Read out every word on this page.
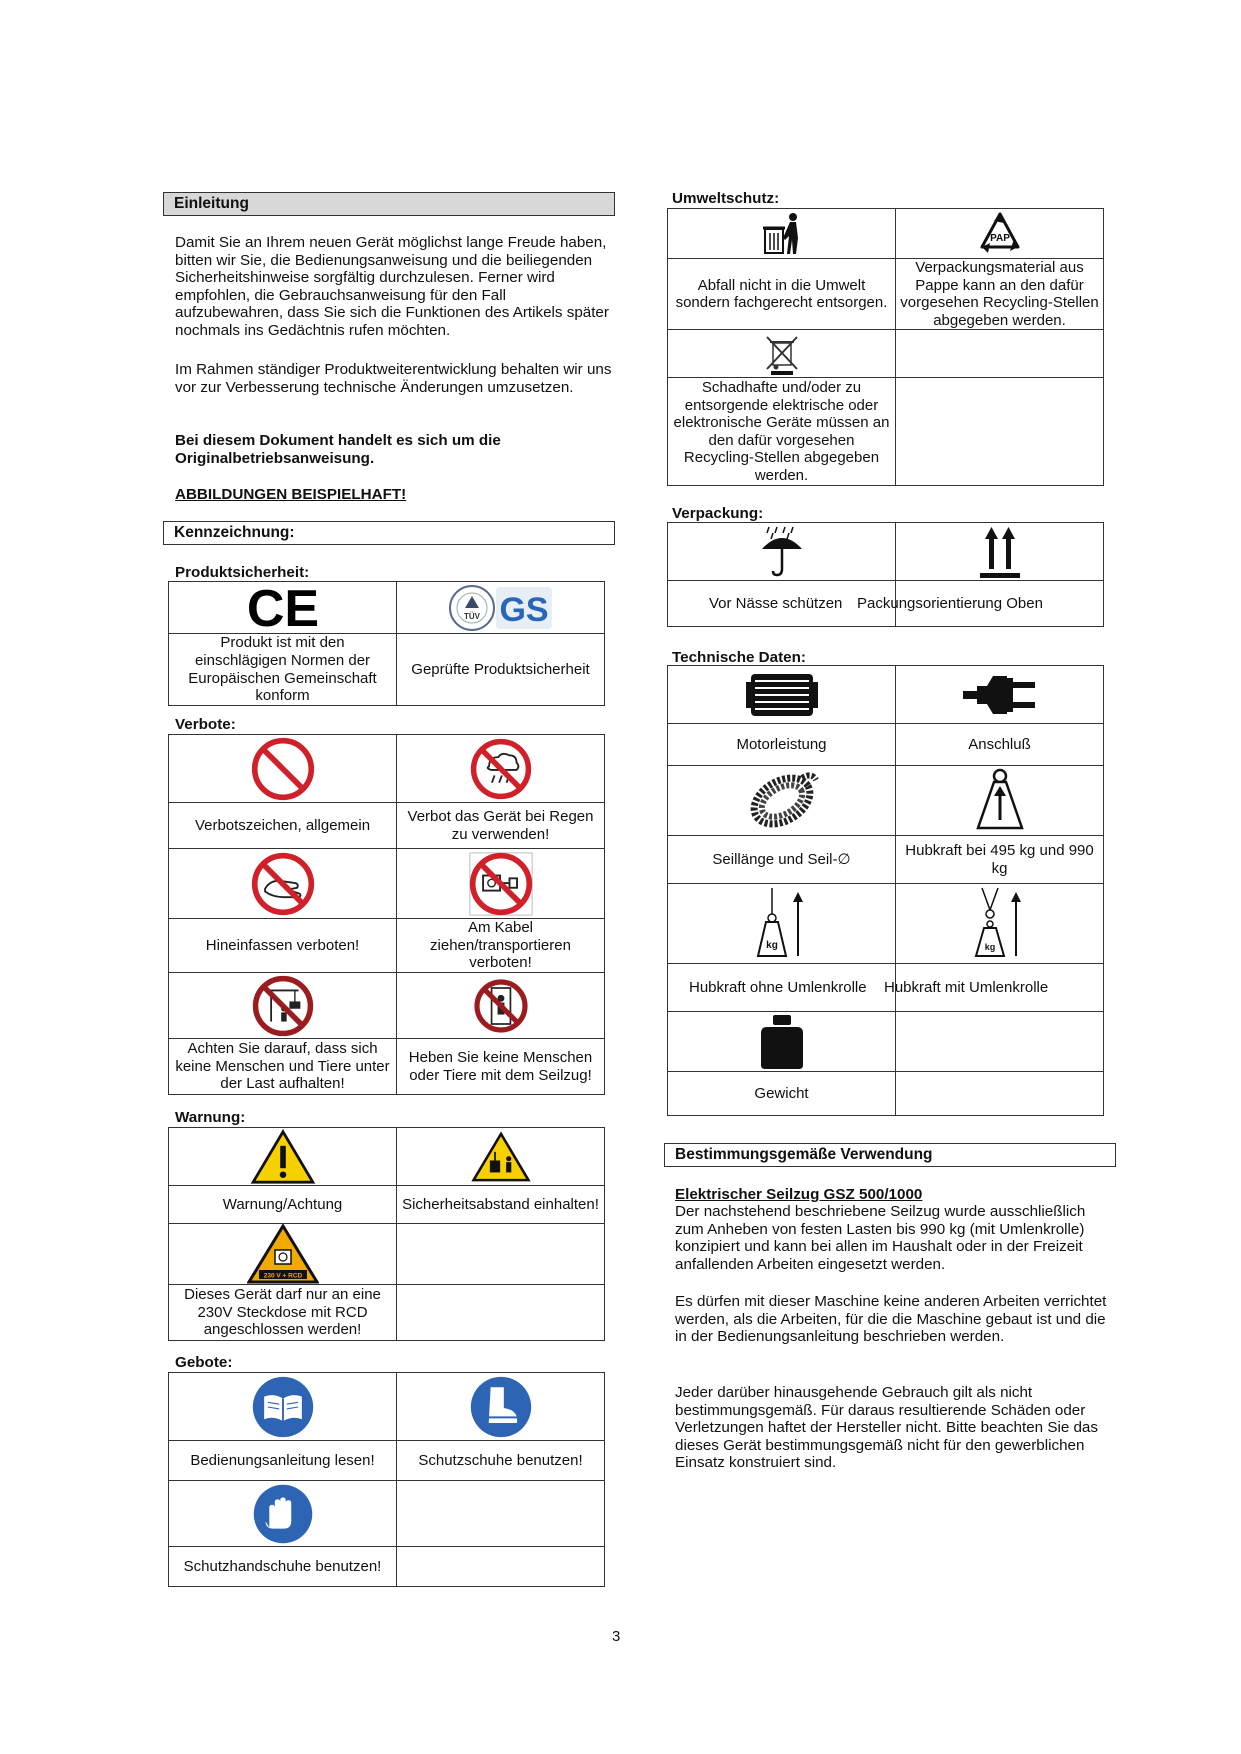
Einleitung
Damit Sie an Ihrem neuen Gerät möglichst lange Freude haben, bitten wir Sie, die Bedienungsanweisung und die beiliegenden Sicherheitshinweise sorgfältig durchzulesen. Ferner wird empfohlen, die Gebrauchsanweisung für den Fall aufzubewahren, dass Sie sich die Funktionen des Artikels später nochmals ins Gedächtnis rufen möchten.
Im Rahmen ständiger Produktweiterentwicklung behalten wir uns vor zur Verbesserung technische Änderungen umzusetzen.
Bei diesem Dokument handelt es sich um die Originalbetriebsanweisung.
ABBILDUNGEN BEISPIELHAFT!
Kennzeichnung:
Produktsicherheit:
CE	TÜV GS

Produkt ist mit den einschlägigen Normen der Europäischen Gemeinschaft konform	Geprüfte Produktsicherheit
Verbote:

Verbotszeichen, allgemein	Verbot das Gerät bei Regen zu verwenden!

Hineinfassen verboten!	Am Kabel ziehen/transportieren verboten!

Achten Sie darauf, dass sich keine Menschen und Tiere unter der Last aufhalten!	Heben Sie keine Menschen oder Tiere mit dem Seilzug!
Warnung:

Warnung/Achtung	Sicherheitsabstand einhalten!

230 V + RCD	

Dieses Gerät darf nur an eine 230V Steckdose mit RCD angeschlossen werden!	
Gebote:

Bedienungsanleitung lesen!	Schutzschuhe benutzen!

Schutzhandschuhe benutzen!	
Umweltschutz:

PAP

Abfall nicht in die Umwelt sondern fachgerecht entsorgen.	Verpackungsmaterial aus Pappe kann an den dafür vorgesehen Recycling-Stellen abgegeben werden.

Schadhafte und/oder zu entsorgende elektrische oder elektronische Geräte müssen an den dafür vorgesehen Recycling-Stellen abgegeben werden.	
Verpackung:

Vor Nässe schützen	Packungsorientierung Oben
Technische Daten:

Motorleistung	Anschluß

Seillänge und Seil-∅	Hubkraft bei 495 kg und 990 kg

kg	kg

Hubkraft ohne Umlenkrolle	Hubkraft mit Umlenkrolle

Gewicht	
Bestimmungsgemäße Verwendung
Elektrischer Seilzug GSZ 500/1000
Der nachstehend beschriebene Seilzug wurde ausschließlich zum Anheben von festen Lasten bis 990 kg (mit Umlenkrolle) konzipiert und kann bei allen im Haushalt oder in der Freizeit anfallenden Arbeiten eingesetzt werden.
Es dürfen mit dieser Maschine keine anderen Arbeiten verrichtet werden, als die Arbeiten, für die die Maschine gebaut ist und die in der Bedienungsanleitung beschrieben werden.
Jeder darüber hinausgehende Gebrauch gilt als nicht bestimmungsgemäß. Für daraus resultierende Schäden oder Verletzungen haftet der Hersteller nicht. Bitte beachten Sie das dieses Gerät bestimmungsgemäß nicht für den gewerblichen Einsatz konstruiert sind.
3
